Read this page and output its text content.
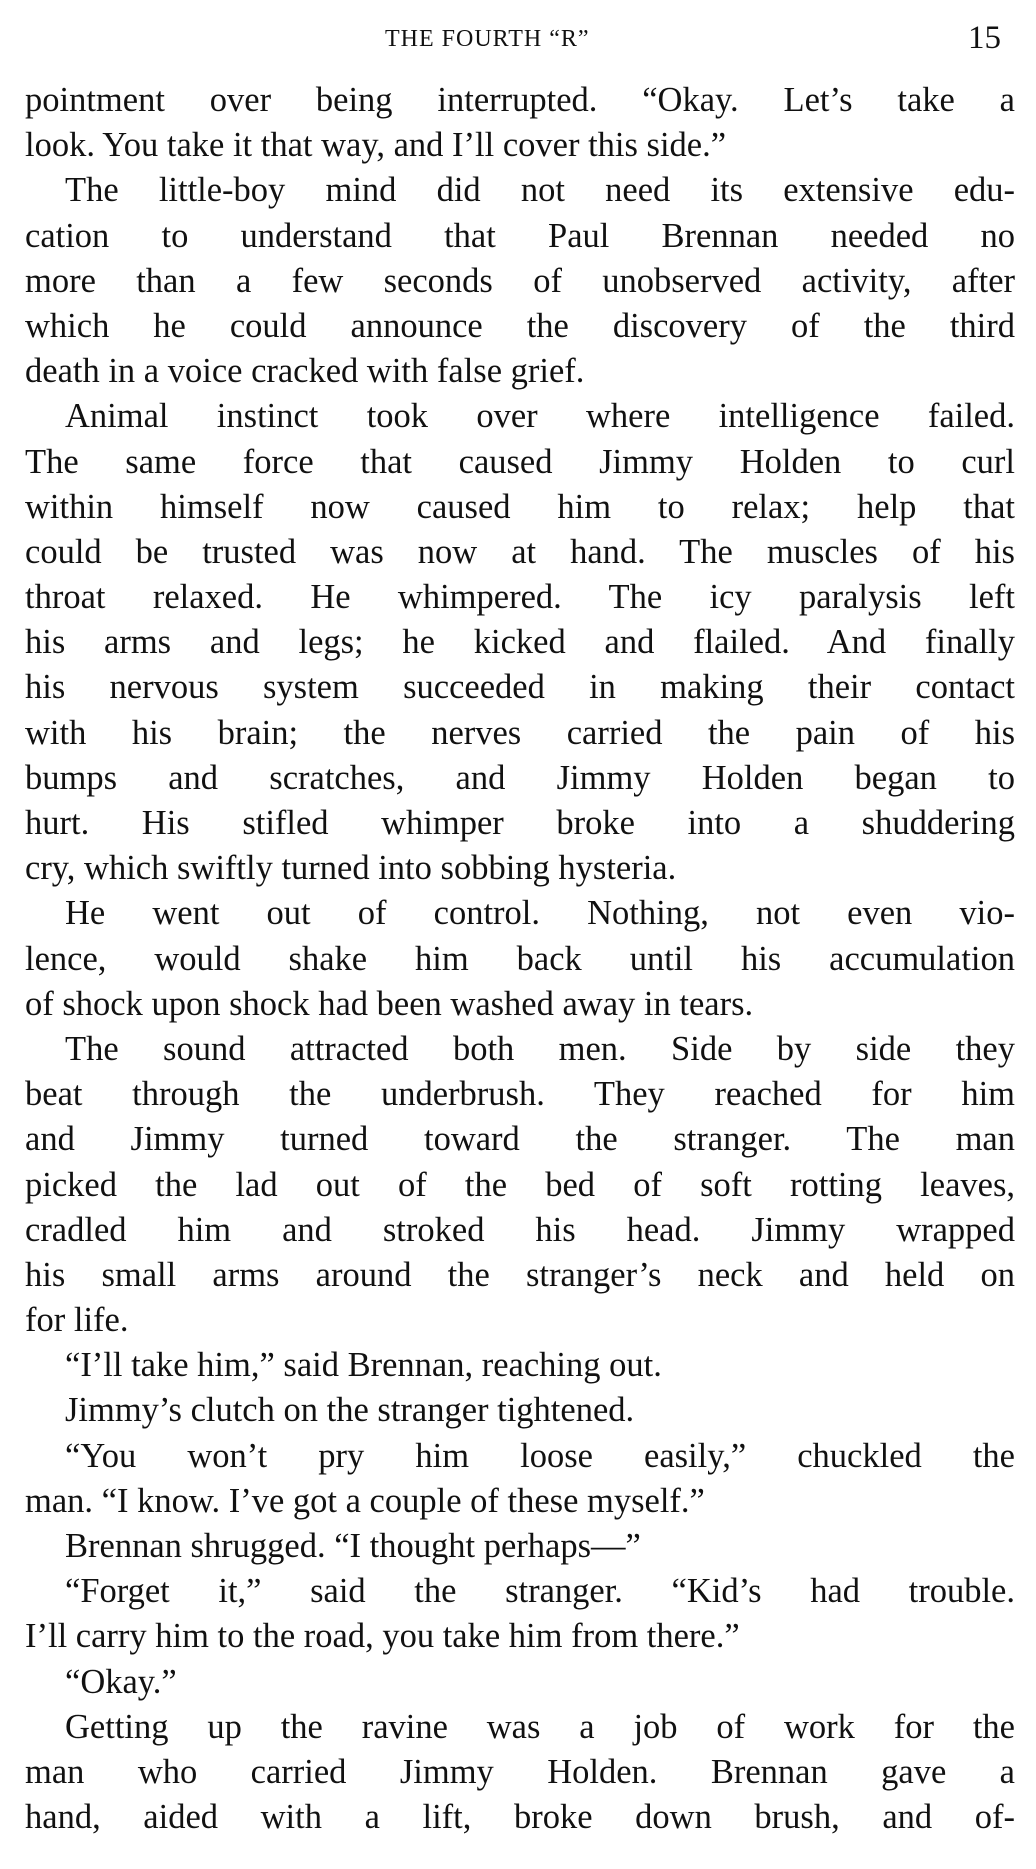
THE FOURTH “R”	15
pointment over being interrupted. “Okay. Let’s take a
look. You take it that way, and I’ll cover this side.”
The little-boy mind did not need its extensive edu-
cation to understand that Paul Brennan needed no
more than a few seconds of unobserved activity, after
which he could announce the discovery of the third
death in a voice cracked with false grief.
Animal instinct took over where intelligence failed.
The same force that caused Jimmy Holden to curl
within himself now caused him to relax; help that
could be trusted was now at hand. The muscles of his
throat relaxed. He whimpered. The icy paralysis left
his arms and legs; he kicked and flailed. And finally
his nervous system succeeded in making their contact
with his brain; the nerves carried the pain of his
bumps and scratches, and Jimmy Holden began to
hurt. His stifled whimper broke into a shuddering
cry, which swiftly turned into sobbing hysteria.
He went out of control. Nothing, not even vio-
lence, would shake him back until his accumulation
of shock upon shock had been washed away in tears.
The sound attracted both men. Side by side they
beat through the underbrush. They reached for him
and Jimmy turned toward the stranger. The man
picked the lad out of the bed of soft rotting leaves,
cradled him and stroked his head. Jimmy wrapped
his small arms around the stranger’s neck and held on
for life.
“I’ll take him,” said Brennan, reaching out.
Jimmy’s clutch on the stranger tightened.
“You won’t pry him loose easily,” chuckled the
man. “I know. I’ve got a couple of these myself.”
Brennan shrugged. “I thought perhaps—”
“Forget it,” said the stranger. “Kid’s had trouble.
I’ll carry him to the road, you take him from there.”
“Okay.”
Getting up the ravine was a job of work for the
man who carried Jimmy Holden. Brennan gave a
hand, aided with a lift, broke down brush, and of-
